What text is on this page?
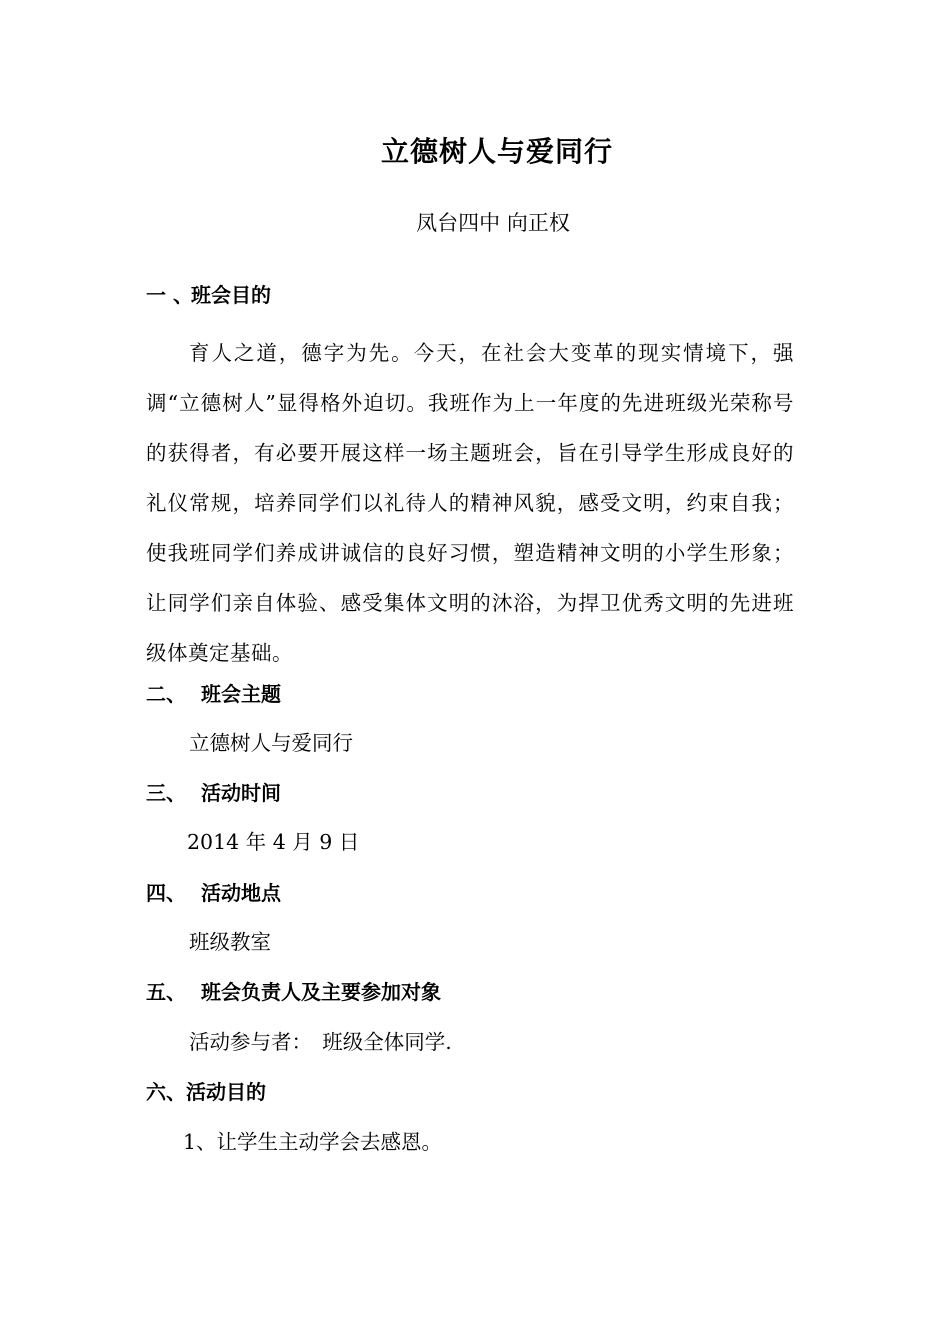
立德树人与爱同行
凤台四中 向正权
一 、班会目的
育人之道，德字为先。今天，在社会大变革的现实情境下，强调“立德树人”显得格外迫切。我班作为上一年度的先进班级光荣称号的获得者，有必要开展这样一场主题班会，旨在引导学生形成良好的礼仪常规，培养同学们以礼待人的精神风貌，感受文明，约束自我；使我班同学们养成讲诚信的良好习惯，塑造精神文明的小学生形象；让同学们亲自体验、感受集体文明的沐浴，为捍卫优秀文明的先进班级体奠定基础。
二、 班会主题
立德树人与爱同行
三、 活动时间
2014 年 4 月 9 日
四、 活动地点
班级教室
五、 班会负责人及主要参加对象
活动参与者：　班级全体同学.
六、活动目的
1、让学生主动学会去感恩。
